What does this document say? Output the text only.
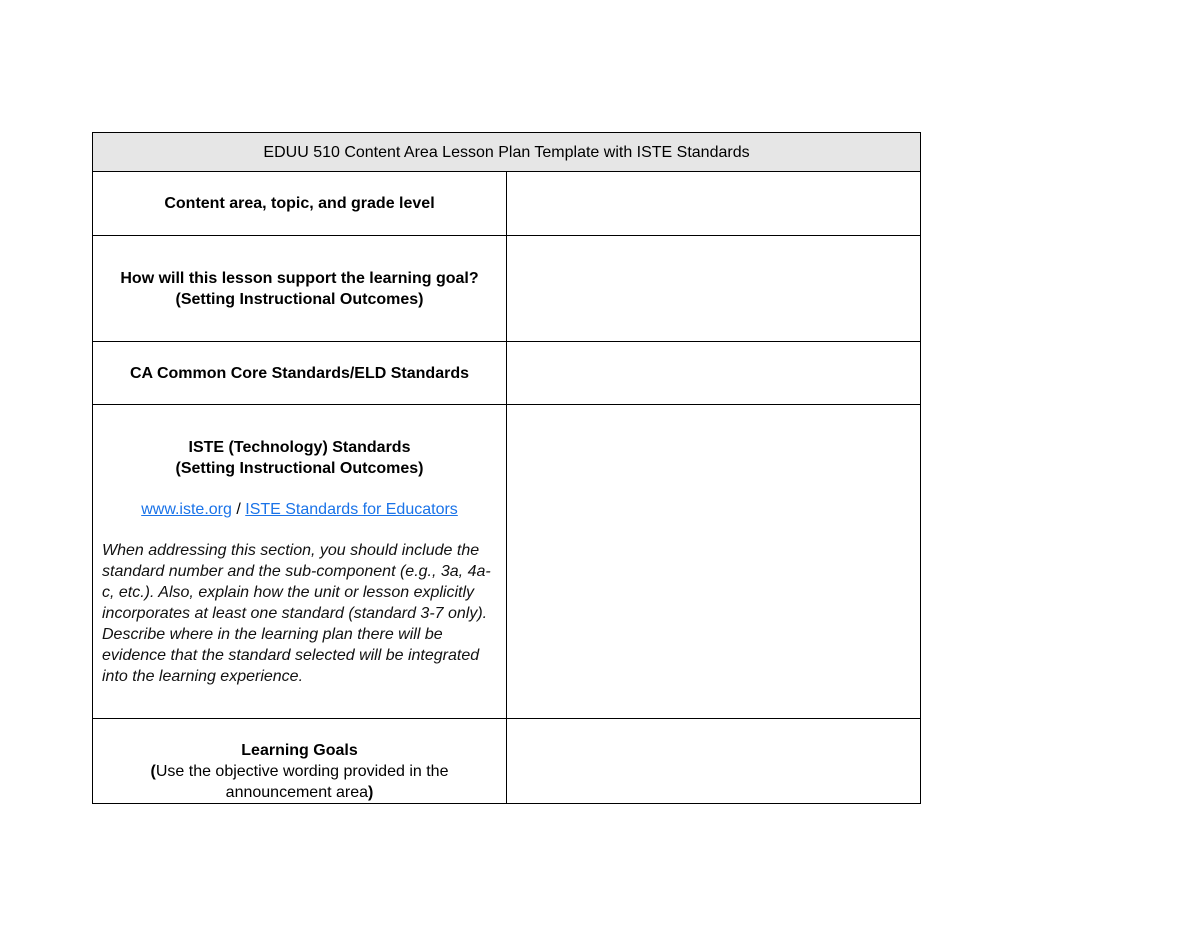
EDUU 510 Content Area Lesson Plan Template with ISTE Standards	
Content area, topic, and grade level	
How will this lesson support the learning goal?
(Setting Instructional Outcomes)	

CA Common Core Standards/ELD Standards	

ISTE (Technology) Standards
(Setting Instructional Outcomes)
www.iste.org / ISTE Standards for Educators
When addressing this section, you should include the standard number and the sub-component (e.g., 3a, 4a-c, etc.). Also, explain how the unit or lesson explicitly incorporates at least one standard (standard 3-7 only). Describe where in the learning plan there will be evidence that the standard selected will be integrated into the learning experience.	

Learning Goals
(Use the objective wording provided in the announcement area)	
